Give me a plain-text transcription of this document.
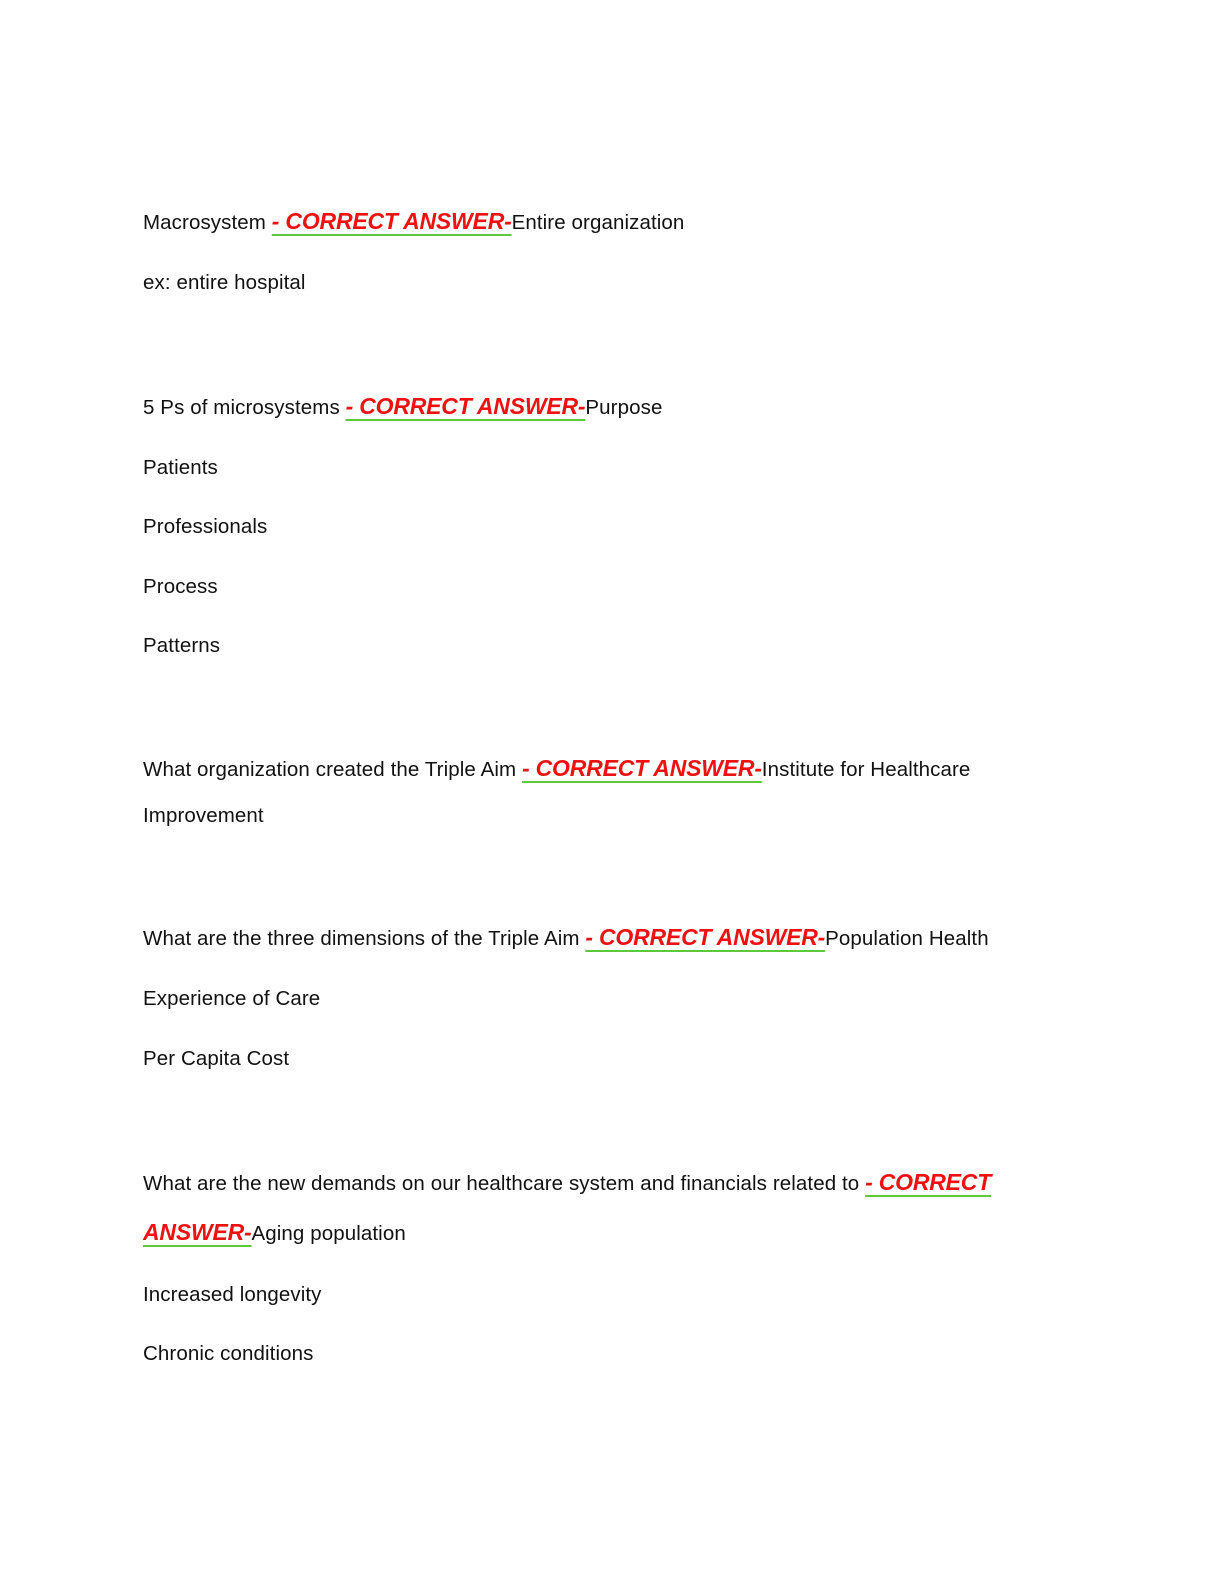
Macrosystem - CORRECT ANSWER-Entire organization
ex: entire hospital
5 Ps of microsystems - CORRECT ANSWER-Purpose
Patients
Professionals
Process
Patterns
What organization created the Triple Aim - CORRECT ANSWER-Institute for Healthcare
Improvement
What are the three dimensions of the Triple Aim - CORRECT ANSWER-Population Health
Experience of Care
Per Capita Cost
What are the new demands on our healthcare system and financials related to - CORRECT
ANSWER-Aging population
Increased longevity
Chronic conditions
